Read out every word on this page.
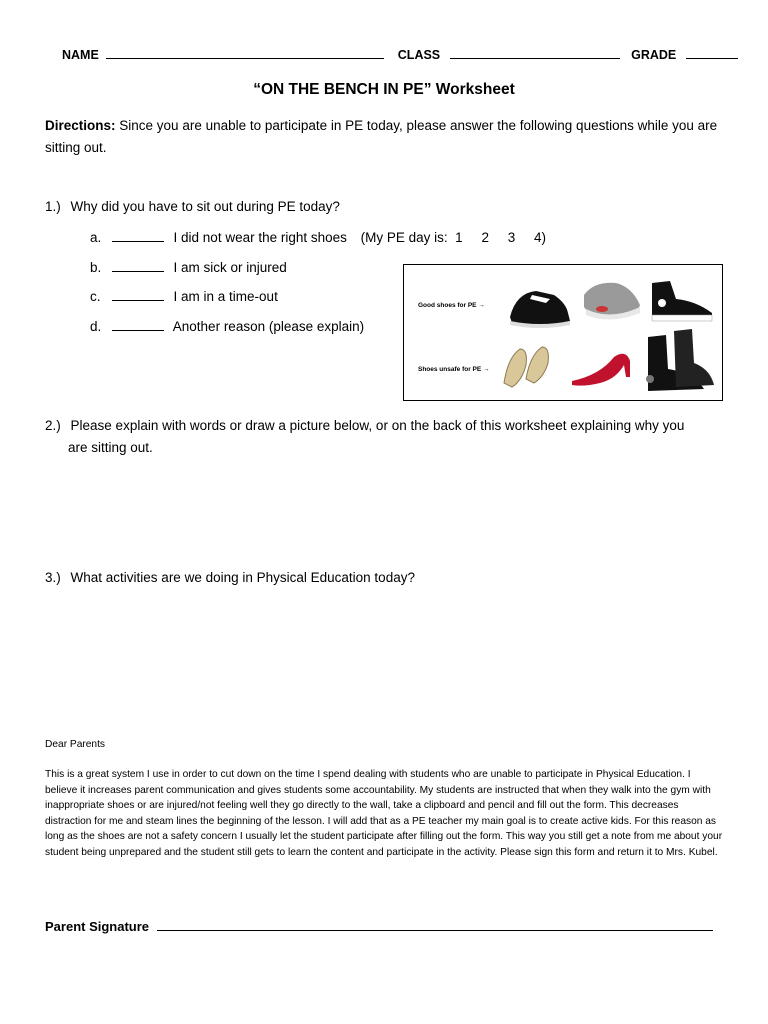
NAME	CLASS	GRADE
“ON THE BENCH IN PE” Worksheet
Directions: Since you are unable to participate in PE today, please answer the following questions while you are sitting out.
1.) Why did you have to sit out during PE today?
a.	I did not wear the right shoes (My PE day is:  1     2     3     4)
b.	I am sick or injured
c.	I am in a time-out
d.	Another reason (please explain)
Good shoes for PE →
Shoes unsafe for PE →
2.) Please explain with words or draw a picture below, or on the back of this worksheet explaining why you
are sitting out.
3.) What activities are we doing in Physical Education today?
Dear Parents
This is a great system I use in order to cut down on the time I spend dealing with students who are unable to participate in Physical Education. I believe it increases parent communication and gives students some accountability. My students are instructed that when they walk into the gym with inappropriate shoes or are injured/not feeling well they go directly to the wall, take a clipboard and pencil and fill out the form. This decreases distraction for me and steam lines the beginning of the lesson. I will add that as a PE teacher my main goal is to create active kids. For this reason as long as the shoes are not a safety concern I usually let the student participate after filling out the form. This way you still get a note from me about your student being unprepared and the student still gets to learn the content and participate in the activity. Please sign this form and return it to Mrs. Kubel.
Parent Signature
